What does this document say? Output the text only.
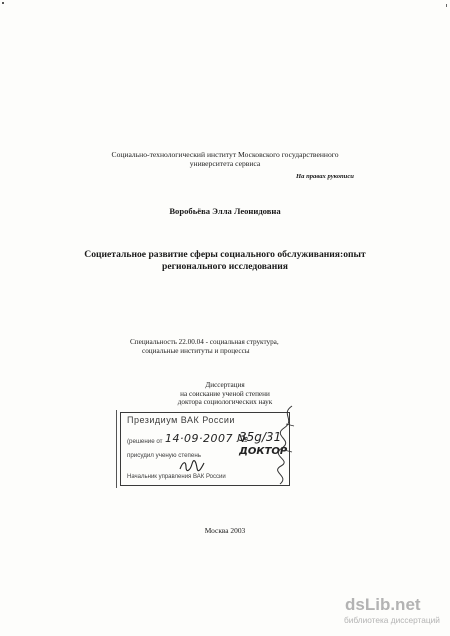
Социально-технологический институт Московского государственного университета сервиса
На правах рукописи
Воробьёва Элла Леонидовна
Социетальное развитие сферы социального обслуживания:опыт регионального исследования
Специальность 22.00.04 - социальная структура,
социальные институты и процессы
Диссертация
на соискание ученой степени
доктора социологических наук
Президиум ВАК России
(решение от 14·09·2007 №
35g/31
присудил ученую степень	ДОКТОР
Начальник управления ВАК России
Москва 2003
dsLib.net
библиотека диссертаций
